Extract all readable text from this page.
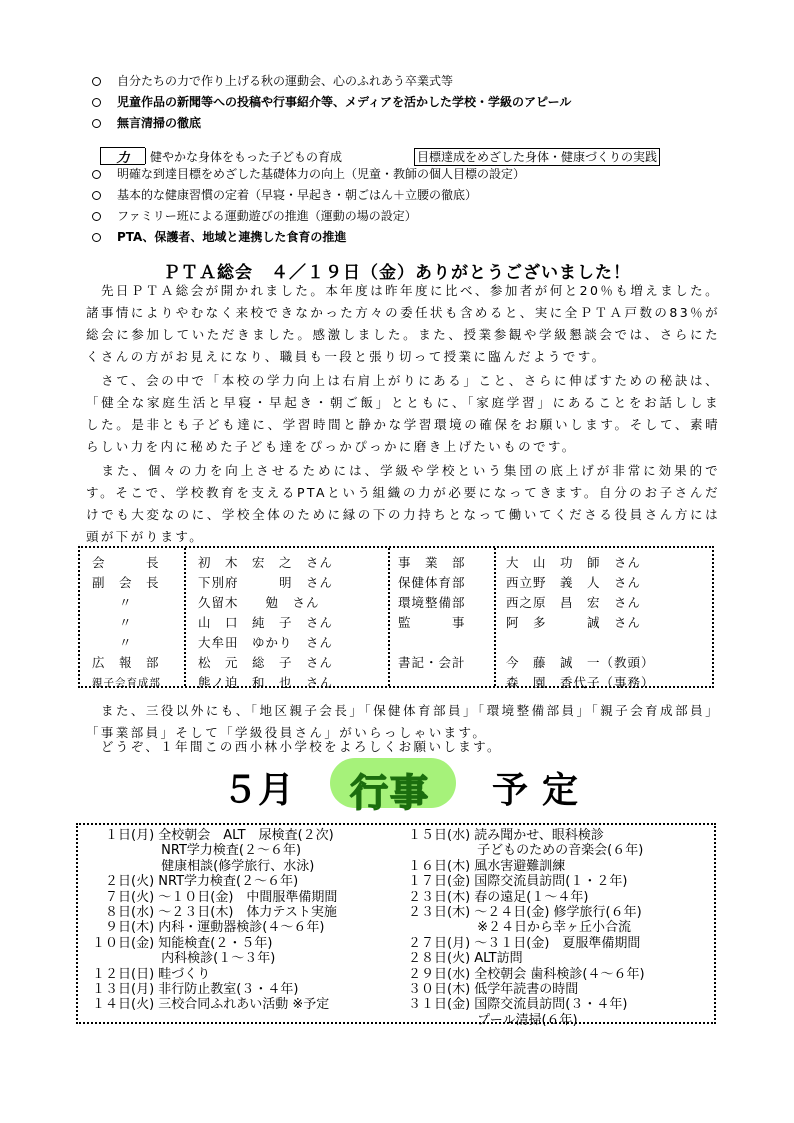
自分たちの力で作り上げる秋の運動会、心のふれあう卒業式等
児童作品の新聞等への投稿や行事紹介等、メディアを活かした学校・学級のアピール
無言清掃の徹底
力	健やかな身体をもった子どもの育成	目標達成をめざした身体・健康づくりの実践
明確な到達目標をめざした基礎体力の向上（児童・教師の個人目標の設定）
基本的な健康習慣の定着（早寝・早起き・朝ごはん＋立腰の徹底）
ファミリー班による運動遊びの推進（運動の場の設定）
PTA、保護者、地域と連携した食育の推進
ＰＴＡ総会　４／１９日（金）ありがとうございました！
　先日ＰＴＡ総会が開かれました。本年度は昨年度に比べ、参加者が何と20％も増えました。諸事情によりやむなく来校できなかった方々の委任状も含めると、実に全ＰＴＡ戸数の83％が総会に参加していただきました。感激しました。また、授業参観や学級懇談会では、さらにたくさんの方がお見えになり、職員も一段と張り切って授業に臨んだようです。
　さて、会の中で「本校の学力向上は右肩上がりにある」こと、さらに伸ばすための秘訣は、「健全な家庭生活と早寝・早起き・朝ご飯」とともに、「家庭学習」にあることをお話ししました。是非とも子ども達に、学習時間と静かな学習環境の確保をお願いします。そして、素晴らしい力を内に秘めた子ども達をぴっかぴっかに磨き上げたいものです。
　また、個々の力を向上させるためには、学級や学校という集団の底上げが非常に効果的です。そこで、学校教育を支えるPTAという組織の力が必要になってきます。自分のお子さんだけでも大変なのに、学校全体のために縁の下の力持ちとなって働いてくださる役員さん方には頭が下がります。
会　　　長
副　会　長
　　〃
　　〃
　　〃
広　報　部
親子会育成部
初　木　宏　之　さん
下別府　　　明　さん
久留木　　勉　さん
山　口　純　子　さん
大牟田　ゆかり　さん
松　元　総　子　さん
熊ノ迫　和　也　さん
事　業　部
保健体育部
環境整備部
監　　　事
書記・会計
大　山　功　師　さん
西立野　義　人　さん
西之原　昌　宏　さん
阿　多　　　誠　さん
今　藤　誠　一（教頭）
森　園　香代子（事務）
　また、三役以外にも、「地区親子会長」「保健体育部員」「環境整備部員」「親子会育成部員」「事業部員」そして「学級役員さん」がいらっしゃいます。
　どうぞ、１年間この西小林小学校をよろしくお願いします。
５月 行事 予定
　１日(月) 全校朝会　ALT　尿検査(２次)
　　　　　 NRT学力検査(２～６年)
　　　　　 健康相談(修学旅行、水泳)
　２日(火) NRT学力検査(２～６年)
　７日(火) ～１０日(金)　中間服準備期間
　８日(水) ～２３日(木)　体力テスト実施
　９日(木) 内科・運動器検診(４～６年)
１０日(金) 知能検査(２・５年)
　　　　　 内科検診(１～３年)
１２日(日) 畦づくり
１３日(月) 非行防止教室(３・４年)
１４日(火) 三校合同ふれあい活動 ※予定
１５日(水) 読み聞かせ、眼科検診
　　　　　 子どものための音楽会(６年)
１６日(木) 風水害避難訓練
１７日(金) 国際交流員訪問(１・２年)
２３日(木) 春の遠足(１～４年)
２３日(木) ～２４日(金) 修学旅行(６年)
　　　　　 ※２４日から幸ヶ丘小合流
２７日(月) ～３１日(金)　夏服準備期間
２８日(火) ALT訪問
２９日(水) 全校朝会 歯科検診(４～６年)
３０日(木) 低学年読書の時間
３１日(金) 国際交流員訪問(３・４年)
　　　　　 プール清掃(６年)
